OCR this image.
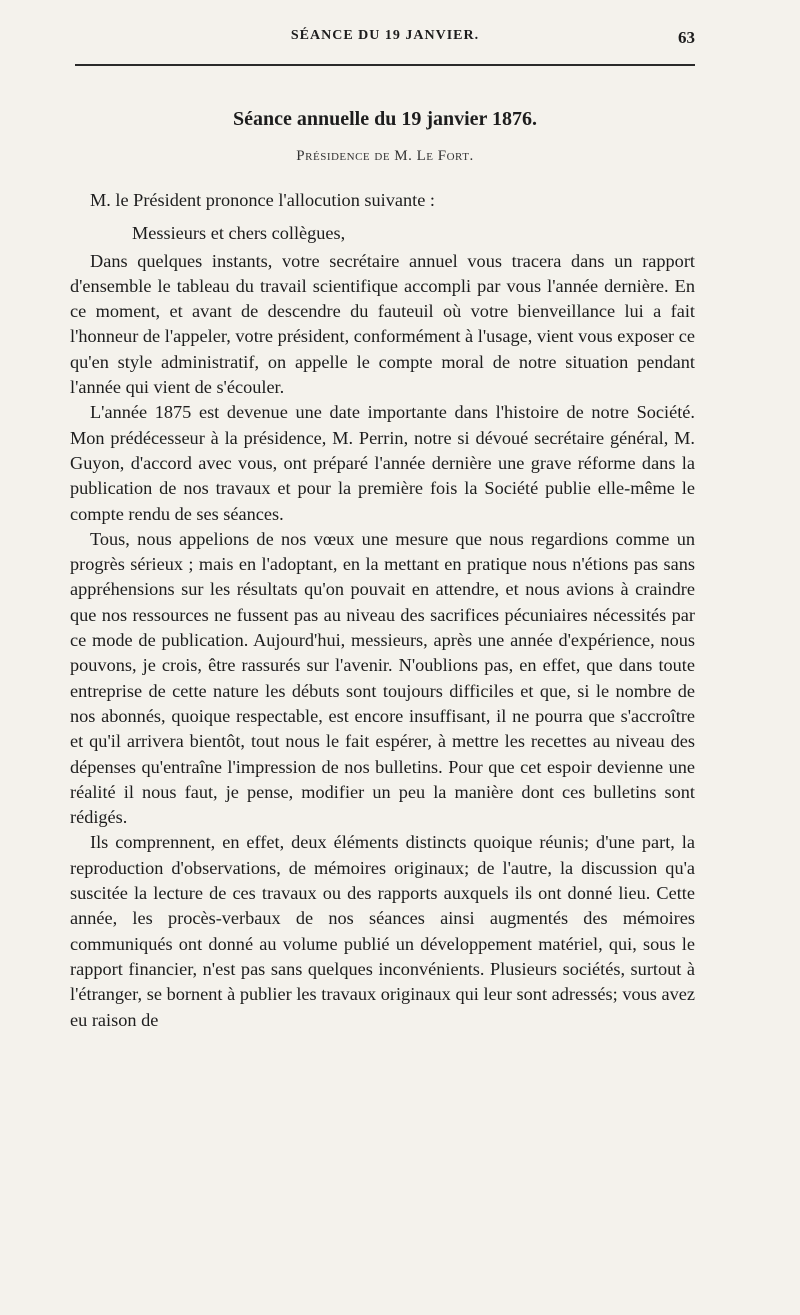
SÉANCE DU 19 JANVIER.	63
Séance annuelle du 19 janvier 1876.
Présidence de M. Le Fort.

M. le Président prononce l'allocution suivante :

Messieurs et chers collègues,

Dans quelques instants, votre secrétaire annuel vous tracera dans un rapport d'ensemble le tableau du travail scientifique accompli par vous l'année dernière. En ce moment, et avant de descendre du fauteuil où votre bienveillance lui a fait l'honneur de l'appeler, votre président, conformément à l'usage, vient vous exposer ce qu'en style administratif, on appelle le compte moral de notre situation pendant l'année qui vient de s'écouler.

L'année 1875 est devenue une date importante dans l'histoire de notre Société. Mon prédécesseur à la présidence, M. Perrin, notre si dévoué secrétaire général, M. Guyon, d'accord avec vous, ont préparé l'année dernière une grave réforme dans la publication de nos travaux et pour la première fois la Société publie elle-même le compte rendu de ses séances.

Tous, nous appelions de nos vœux une mesure que nous regardions comme un progrès sérieux ; mais en l'adoptant, en la mettant en pratique nous n'étions pas sans appréhensions sur les résultats qu'on pouvait en attendre, et nous avions à craindre que nos ressources ne fussent pas au niveau des sacrifices pécuniaires nécessités par ce mode de publication. Aujourd'hui, messieurs, après une année d'expérience, nous pouvons, je crois, être rassurés sur l'avenir. N'oublions pas, en effet, que dans toute entreprise de cette nature les débuts sont toujours difficiles et que, si le nombre de nos abonnés, quoique respectable, est encore insuffisant, il ne pourra que s'accroître et qu'il arrivera bientôt, tout nous le fait espérer, à mettre les recettes au niveau des dépenses qu'entraîne l'impression de nos bulletins. Pour que cet espoir devienne une réalité il nous faut, je pense, modifier un peu la manière dont ces bulletins sont rédigés.

Ils comprennent, en effet, deux éléments distincts quoique réunis; d'une part, la reproduction d'observations, de mémoires originaux; de l'autre, la discussion qu'a suscitée la lecture de ces travaux ou des rapports auxquels ils ont donné lieu. Cette année, les procès-verbaux de nos séances ainsi augmentés des mémoires communiqués ont donné au volume publié un développement matériel, qui, sous le rapport financier, n'est pas sans quelques inconvénients. Plusieurs sociétés, surtout à l'étranger, se bornent à publier les travaux originaux qui leur sont adressés; vous avez eu raison de
